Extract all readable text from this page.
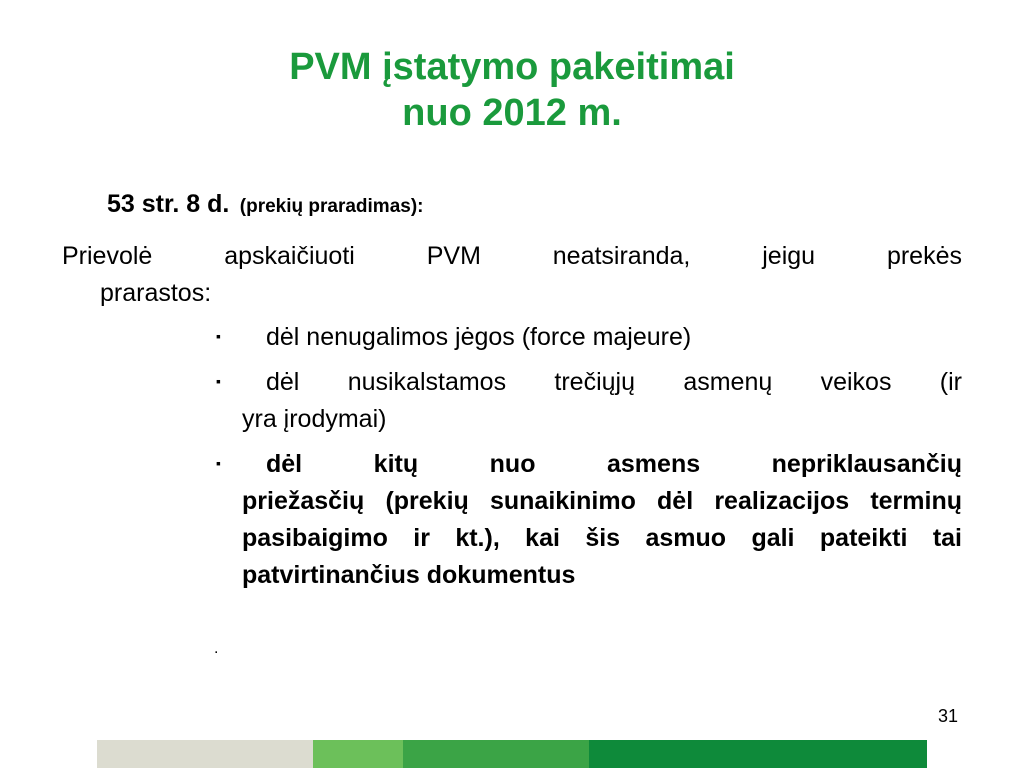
PVM įstatymo pakeitimai
nuo 2012 m.
53 str. 8 d. (prekių praradimas):
Prievolė apskaičiuoti PVM neatsiranda, jeigu prekės
prarastos:
▪ dėl nenugalimos jėgos (force majeure)
▪ dėl nusikalstamos trečiųjų asmenų veikos (ir
yra įrodymai)
▪ dėl kitų nuo asmens nepriklausančių
priežasčių (prekių sunaikinimo dėl realizacijos terminų pasibaigimo ir kt.), kai šis asmuo gali pateikti tai patvirtinančius dokumentus
.
31
